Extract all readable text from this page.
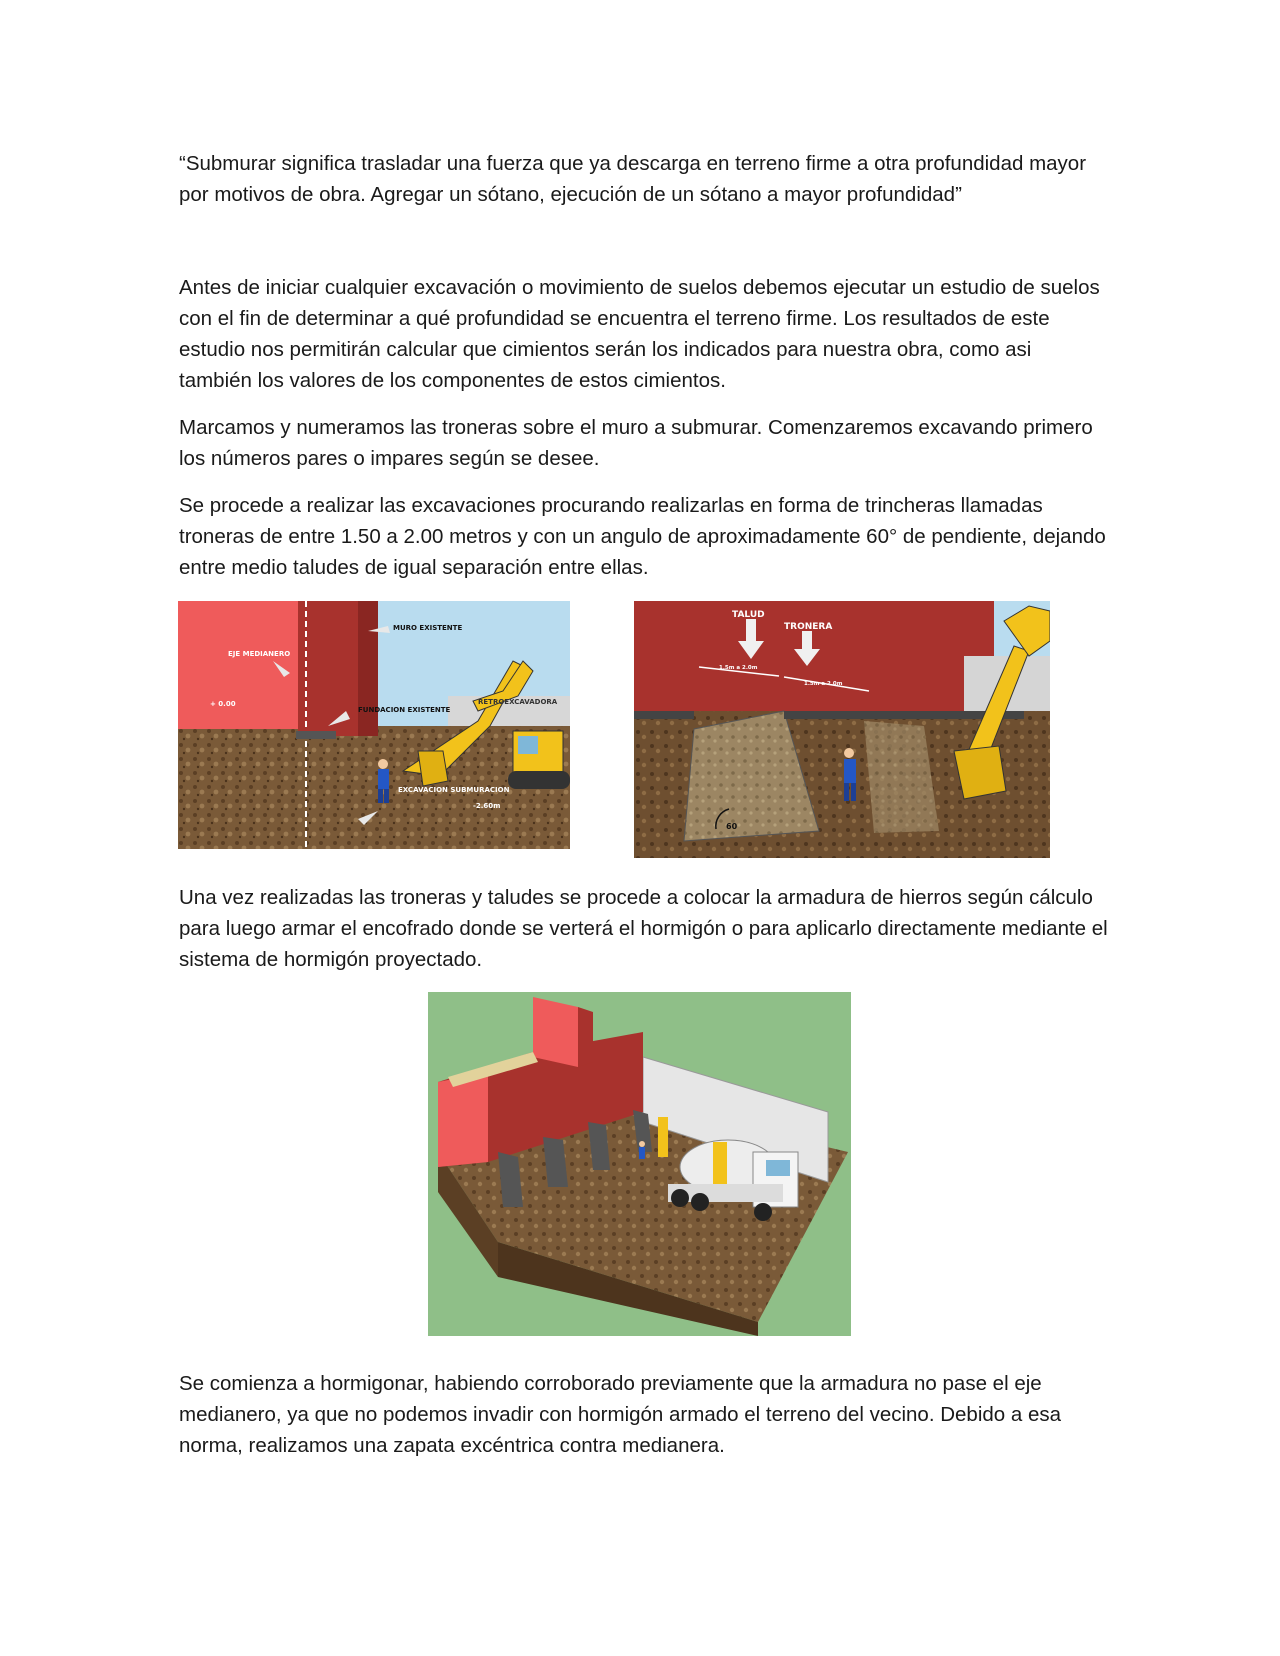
“Submurar significa trasladar una fuerza que ya descarga en terreno firme a otra profundidad mayor por motivos de obra. Agregar un sótano, ejecución de un sótano a mayor profundidad”

Antes de iniciar cualquier excavación o movimiento de suelos debemos ejecutar un estudio de suelos con el fin de determinar a qué profundidad se encuentra el terreno firme. Los resultados de este estudio nos permitirán calcular que cimientos serán los indicados para nuestra obra, como asi también los valores de los componentes de estos cimientos.

Marcamos y numeramos las troneras sobre el muro a submurar. Comenzaremos excavando primero los números pares o impares según se desee.

Se procede a realizar las excavaciones procurando realizarlas en forma de trincheras llamadas troneras de entre 1.50 a 2.00 metros y con un angulo de aproximadamente 60° de pendiente, dejando entre medio taludes de igual separación entre ellas.

MURO EXISTENTE
EJE MEDIANERO
+ 0.00	RETROEXCAVADORA
FUNDACION EXISTENTE
EXCAVACION SUBMURACION
-2.60m
TALUD
TRONERA
1.5m a 2.0m
1.5m a 2.0m
60

Una vez realizadas las troneras y taludes se procede a colocar la armadura de hierros según cálculo para luego armar el encofrado donde se verterá el hormigón o para aplicarlo directamente mediante el sistema de hormigón proyectado.

Se comienza a hormigonar, habiendo corroborado previamente que la armadura no pase el eje medianero, ya que no podemos invadir con hormigón armado el terreno del vecino. Debido a esa norma, realizamos una zapata excéntrica contra medianera.
